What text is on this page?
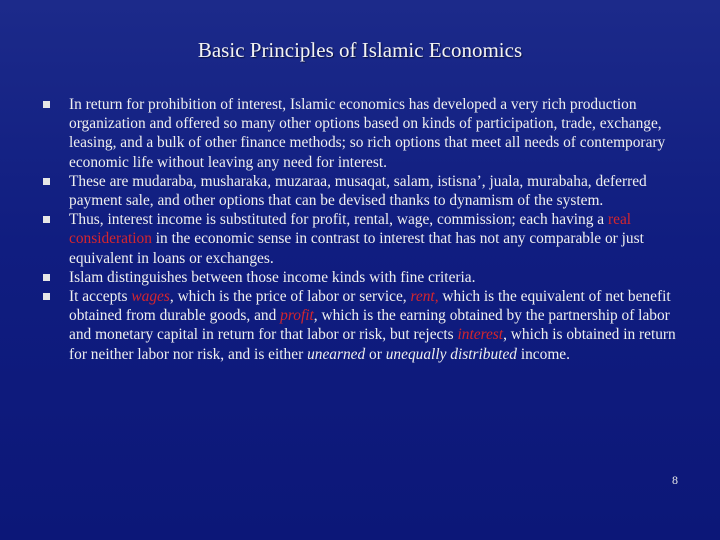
Basic Principles of Islamic Economics
In return for prohibition of interest, Islamic economics has developed a very rich production organization and offered so many other options based on kinds of participation, trade, exchange, leasing, and a bulk of other finance methods; so rich options that meet all needs of contemporary economic life without leaving any need for interest.
These are mudaraba, musharaka, muzaraa, musaqat, salam, istisna’, juala, murabaha, deferred payment sale, and other options that can be devised thanks to dynamism of the system.
Thus, interest income is substituted for profit, rental, wage, commission; each having a real consideration in the economic sense in contrast to interest that has not any comparable or just equivalent in loans or exchanges.
Islam distinguishes between those income kinds with fine criteria.
It accepts wages, which is the price of labor or service, rent, which is the equivalent of net benefit obtained from durable goods, and profit, which is the earning obtained by the partnership of labor and monetary capital in return for that labor or risk, but rejects interest, which is obtained in return for neither labor nor risk, and is either unearned or unequally distributed income.
8
